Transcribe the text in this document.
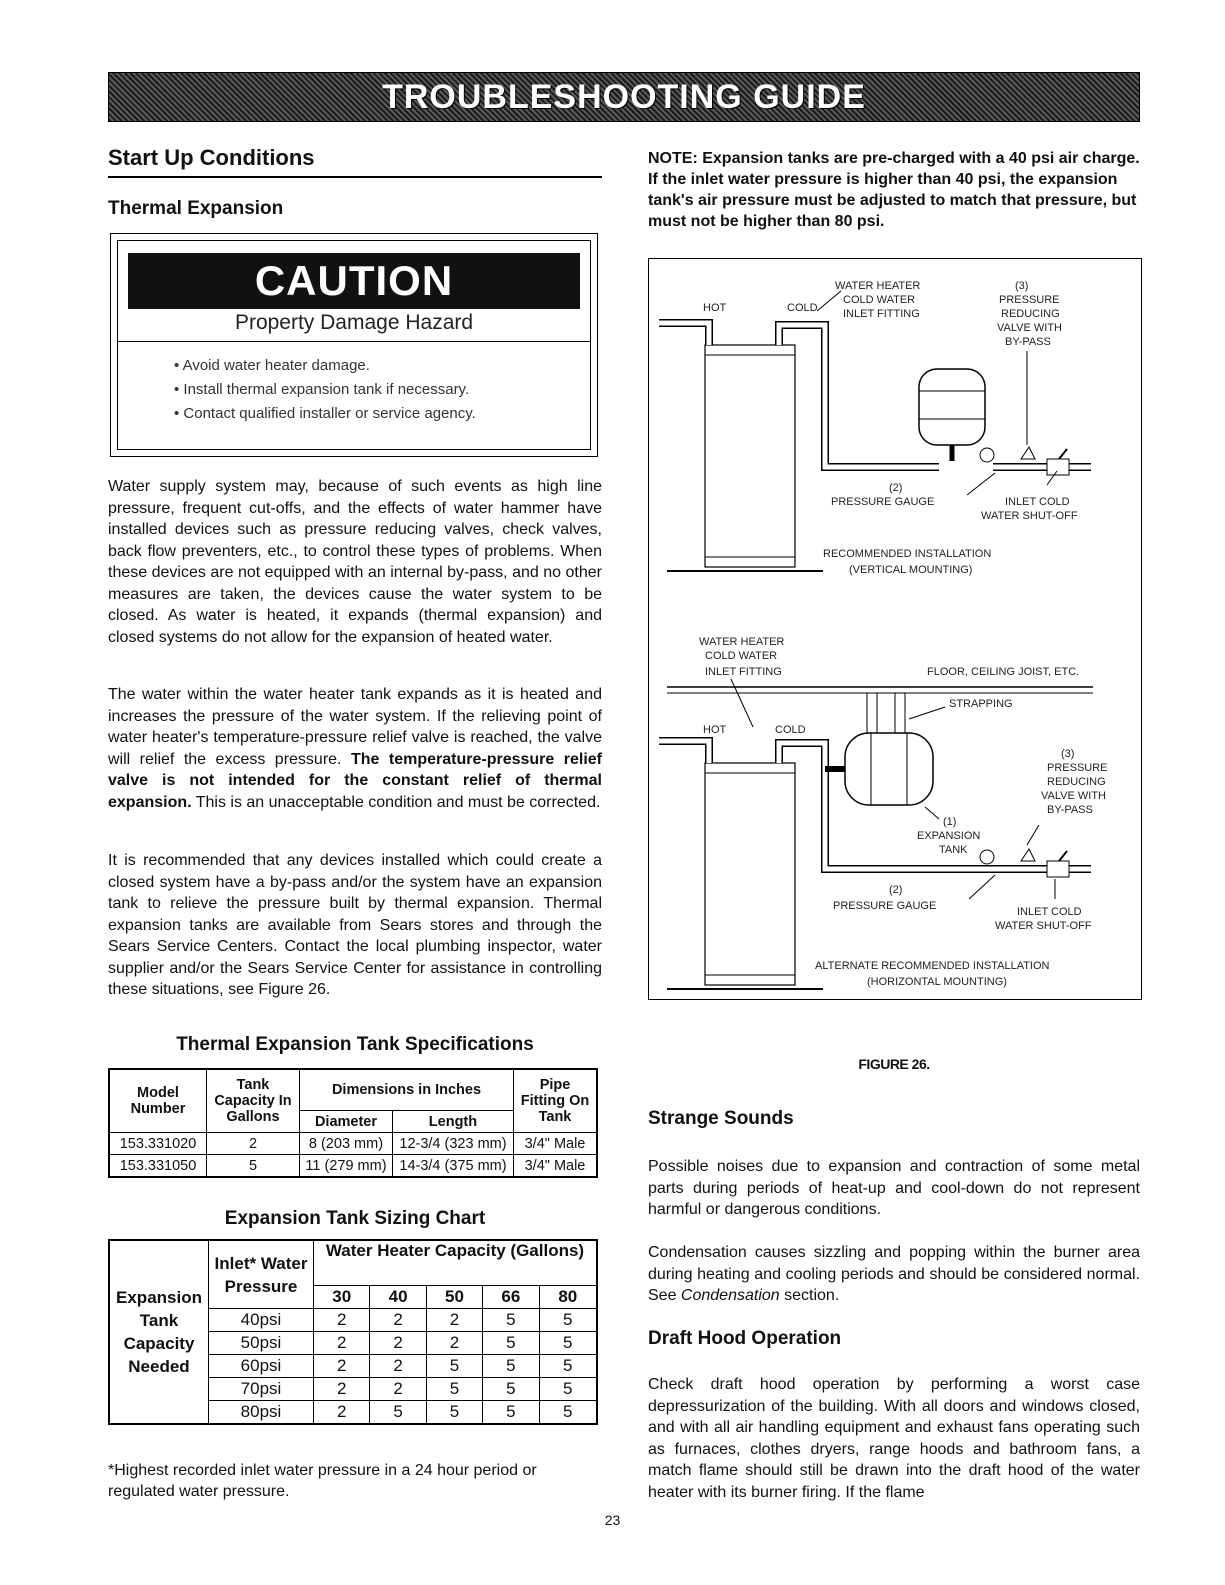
TROUBLESHOOTING GUIDE
Start Up Conditions
Thermal Expansion
CAUTION
Property Damage Hazard
• Avoid water heater damage.
• Install thermal expansion tank if necessary.
• Contact qualified installer or service agency.

Water supply system may, because of such events as high line pressure, frequent cut-offs, and the effects of water hammer have installed devices such as pressure reducing valves, check valves, back flow preventers, etc., to control these types of problems. When these devices are not equipped with an internal by-pass, and no other measures are taken, the devices cause the water system to be closed. As water is heated, it expands (thermal expansion) and closed systems do not allow for the expansion of heated water.

The water within the water heater tank expands as it is heated and increases the pressure of the water system. If the relieving point of water heater's temperature-pressure relief valve is reached, the valve will relief the excess pressure. The temperature-pressure relief valve is not intended for the constant relief of thermal expansion. This is an unacceptable condition and must be corrected.

It is recommended that any devices installed which could create a closed system have a by-pass and/or the system have an expansion tank to relieve the pressure built by thermal expansion. Thermal expansion tanks are available from Sears stores and through the Sears Service Centers. Contact the local plumbing inspector, water supplier and/or the Sears Service Center for assistance in controlling these situations, see Figure 26.

Thermal Expansion Tank Specifications
Model Number	Tank Capacity In Gallons	Dimensions in Inches		Pipe Fitting On Tank
		Diameter	Length	
153.331020	2	8 (203 mm)	12-3/4 (323 mm)	3/4" Male
153.331050	5	11 (279 mm)	14-3/4 (375 mm)	3/4" Male
Expansion Tank Sizing Chart
Expansion Tank Capacity Needed	Inlet* Water Pressure	Water Heater Capacity (Gallons)				
		30	40	50	66	80
	40psi	2	2	2	5	5
	50psi	2	2	2	5	5
	60psi	2	2	5	5	5
	70psi	2	2	5	5	5
	80psi	2	5	5	5	5
*Highest recorded inlet water pressure in a 24 hour period or regulated water pressure.
NOTE: Expansion tanks are pre-charged with a 40 psi air charge. If the inlet water pressure is higher than 40 psi, the expansion tank's air pressure must be adjusted to match that pressure, but must not be higher than 80 psi.
HOT	COLD
WATER HEATER
COLD WATER
INLET FITTING
(3)
PRESSURE
REDUCING
VALVE WITH
BY-PASS
(2)
PRESSURE GAUGE	INLET COLD
WATER SHUT-OFF
RECOMMENDED INSTALLATION
(VERTICAL MOUNTING)
WATER HEATER
COLD WATER
INLET FITTING	FLOOR, CEILING JOIST, ETC.
STRAPPING
HOT	COLD
(3)
PRESSURE
REDUCING
VALVE WITH
BY-PASS
(1)
EXPANSION
TANK
(2)
PRESSURE GAUGE	INLET COLD
WATER SHUT-OFF
ALTERNATE RECOMMENDED INSTALLATION
(HORIZONTAL MOUNTING)
FIGURE 26.
Strange Sounds

Possible noises due to expansion and contraction of some metal parts during periods of heat-up and cool-down do not represent harmful or dangerous conditions.

Condensation causes sizzling and popping within the burner area during heating and cooling periods and should be considered normal. See Condensation section.

Draft Hood Operation

Check draft hood operation by performing a worst case depressurization of the building. With all doors and windows closed, and with all air handling equipment and exhaust fans operating such as furnaces, clothes dryers, range hoods and bathroom fans, a match flame should still be drawn into the draft hood of the water heater with its burner firing. If the flame

23
